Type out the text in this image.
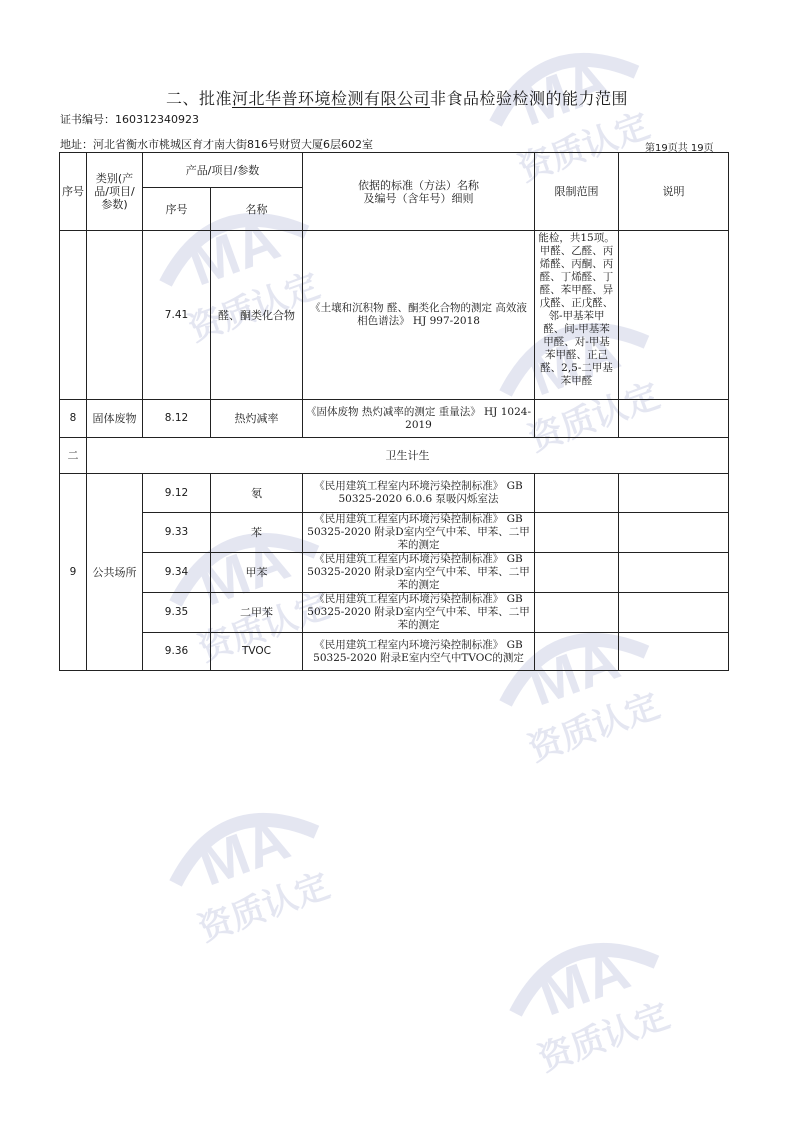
二、批准河北华普环境检测有限公司非食品检验检测的能力范围
证书编号：160312340923
地址：河北省衡水市桃城区育才南大街816号财贸大厦6层602室	第19页共 19页
序号	类别(产品/项目/参数)	产品/项目/参数		依据的标准（方法）名称
及编号（含年号）细则	限制范围	说明
		序号	名称			
		7.41	醛、酮类化合物	《土壤和沉积物 醛、酮类化合物的测定 高效液相色谱法》 HJ 997-2018	能检，共15项。甲醛、乙醛、丙烯醛、丙酮、丙醛、丁烯醛、丁醛、苯甲醛、异戊醛、正戊醛、邻-甲基苯甲醛、间-甲基苯甲醛、对-甲基苯甲醛、正己醛、2,5-二甲基苯甲醛	
8	固体废物	8.12	热灼减率	《固体废物 热灼减率的测定 重量法》 HJ 1024-2019		
二	卫生计生					
9	公共场所	9.12	氡	《民用建筑工程室内环境污染控制标准》 GB 50325-2020 6.0.6 泵吸闪烁室法		
		9.33	苯	《民用建筑工程室内环境污染控制标准》 GB 50325-2020 附录D室内空气中苯、甲苯、二甲苯的测定		
		9.34	甲苯	《民用建筑工程室内环境污染控制标准》 GB 50325-2020 附录D室内空气中苯、甲苯、二甲苯的测定		
		9.35	二甲苯	《民用建筑工程室内环境污染控制标准》 GB 50325-2020 附录D室内空气中苯、甲苯、二甲苯的测定		
		9.36	TVOC	《民用建筑工程室内环境污染控制标准》 GB 50325-2020 附录E室内空气中TVOC的测定		
